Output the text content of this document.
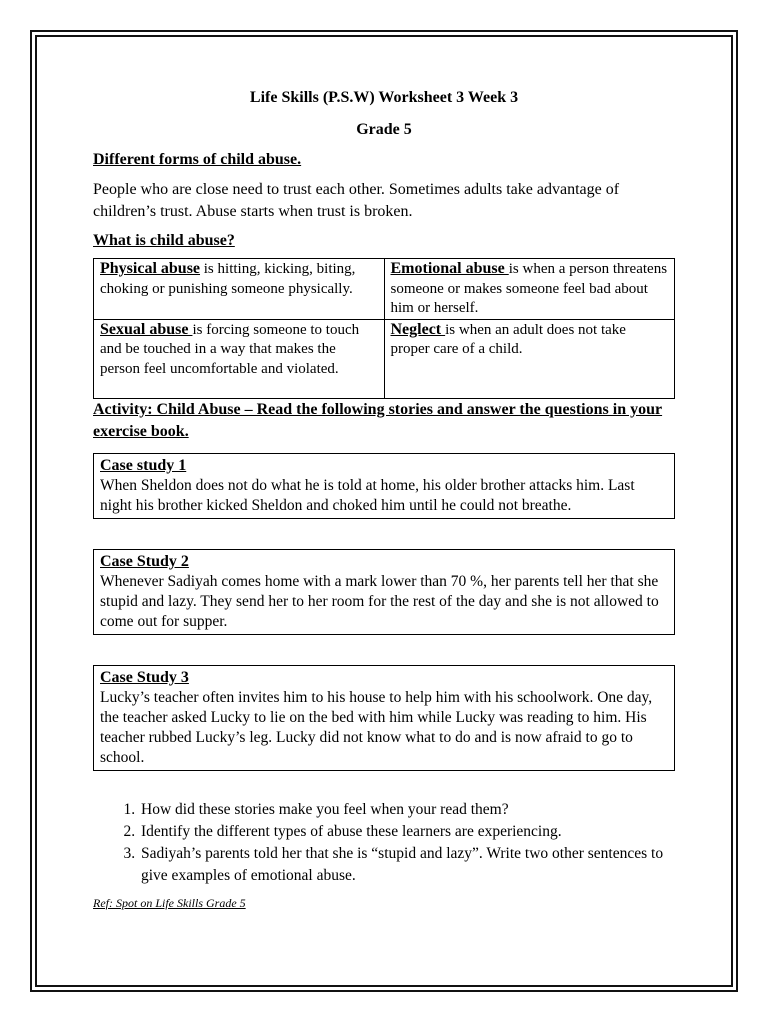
Life Skills (P.S.W) Worksheet 3 Week 3
Grade 5
Different forms of child abuse.
People who are close need to trust each other. Sometimes adults take advantage of children’s trust. Abuse starts when trust is broken.
What is child abuse?
Physical abuse is hitting, kicking, biting, choking or punishing someone physically.	Emotional abuse is when a person threatens someone or makes someone feel bad about him or herself.
Sexual abuse is forcing someone to touch and be touched in a way that makes the person feel uncomfortable and violated.	Neglect is when an adult does not take proper care of a child.
Activity: Child Abuse – Read the following stories and answer the questions in your exercise book.
Case study 1
When Sheldon does not do what he is told at home, his older brother attacks him. Last night his brother kicked Sheldon and choked him until he could not breathe.
Case Study 2
Whenever Sadiyah comes home with a mark lower than 70 %, her parents tell her that she stupid and lazy. They send her to her room for the rest of the day and she is not allowed to come out for supper.
Case Study 3
Lucky’s teacher often invites him to his house to help him with his schoolwork. One day, the teacher asked Lucky to lie on the bed with him while Lucky was reading to him. His teacher rubbed Lucky’s leg. Lucky did not know what to do and is now afraid to go to school.
1. How did these stories make you feel when your read them?
2. Identify the different types of abuse these learners are experiencing.
3. Sadiyah’s parents told her that she is “stupid and lazy”. Write two other sentences to give examples of emotional abuse.
Ref: Spot on Life Skills Grade 5
